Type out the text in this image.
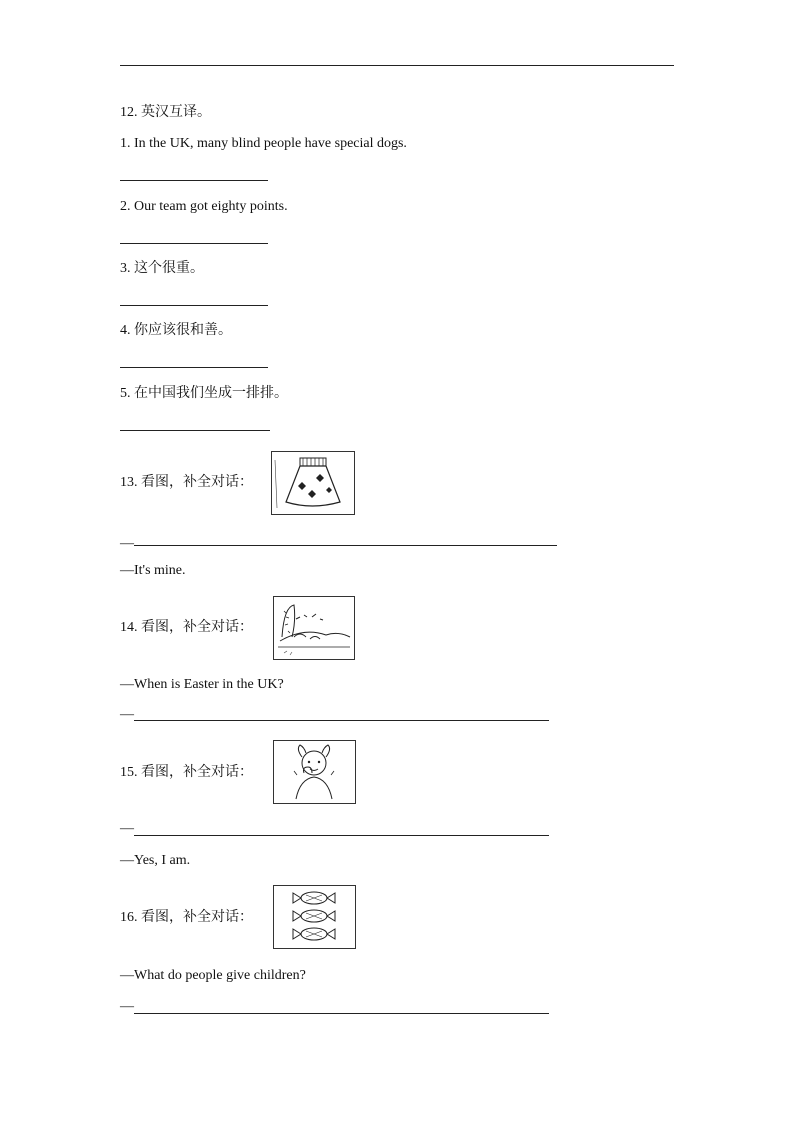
12. 英汉互译。
1. In the UK, many blind people have special dogs.
2. Our team got eighty points.
3. 这个很重。
4. 你应该很和善。
5. 在中国我们坐成一排排。
13. 看图，补全对话：
—
—It's mine.
14. 看图，补全对话：
—When is Easter in the UK?
—
15. 看图，补全对话：
—
—Yes, I am.
16. 看图，补全对话：
—What do people give children?
—
